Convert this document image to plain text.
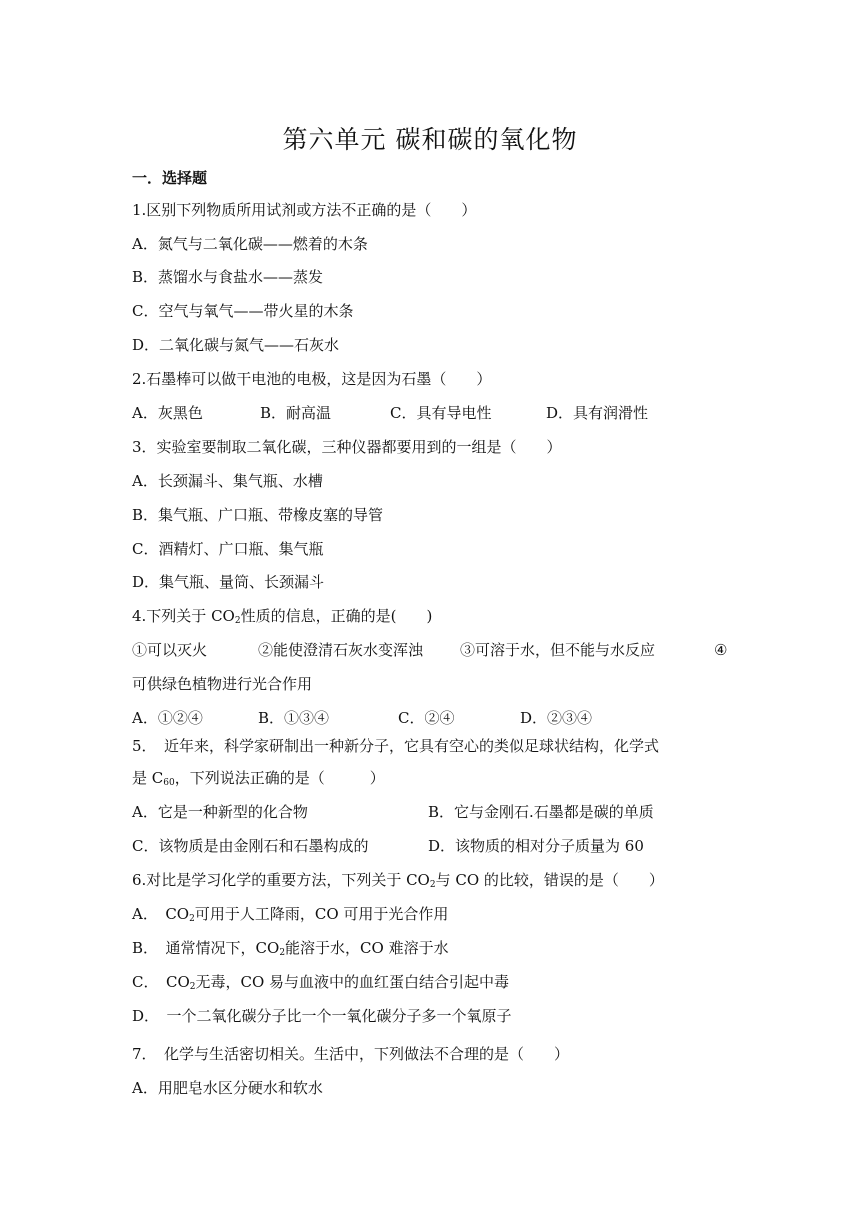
第六单元 碳和碳的氧化物
一．选择题
1.区别下列物质所用试剂或方法不正确的是（　　）
A．氮气与二氧化碳——燃着的木条
B．蒸馏水与食盐水——蒸发
C．空气与氧气——带火星的木条
D．二氧化碳与氮气——石灰水
2.石墨棒可以做干电池的电极，这是因为石墨（　　）
A．灰黑色	B．耐高温	C．具有导电性	D．具有润滑性
3．实验室要制取二氧化碳，三种仪器都要用到的一组是（　　）
A．长颈漏斗、集气瓶、水槽
B．集气瓶、广口瓶、带橡皮塞的导管
C．酒精灯、广口瓶、集气瓶
D．集气瓶、量筒、长颈漏斗
4.下列关于 $CO_2$性质的信息，正确的是(　　)
①可以灭火	②能使澄清石灰水变浑浊	③可溶于水，但不能与水反应	④
可供绿色植物进行光合作用
A．①②④	B．①③④	C．②④	D．②③④
5．　近年来，科学家研制出一种新分子，它具有空心的类似足球状结构，化学式
是 $C_{60}$，下列说法正确的是（　　　）
A．它是一种新型的化合物	B．它与金刚石.石墨都是碳的单质
C．该物质是由金刚石和石墨构成的	D．该物质的相对分子质量为 60
6.对比是学习化学的重要方法，下列关于 $CO_2$与 CO 的比较，错误的是（　　）
A．　$CO_2$可用于人工降雨，CO 可用于光合作用
B．　通常情况下，$CO_2$能溶于水，CO 难溶于水
C．　$CO_2$无毒，CO 易与血液中的血红蛋白结合引起中毒
D．　一个二氧化碳分子比一个一氧化碳分子多一个氧原子
7．　化学与生活密切相关。生活中，下列做法不合理的是（　　）
A．用肥皂水区分硬水和软水
